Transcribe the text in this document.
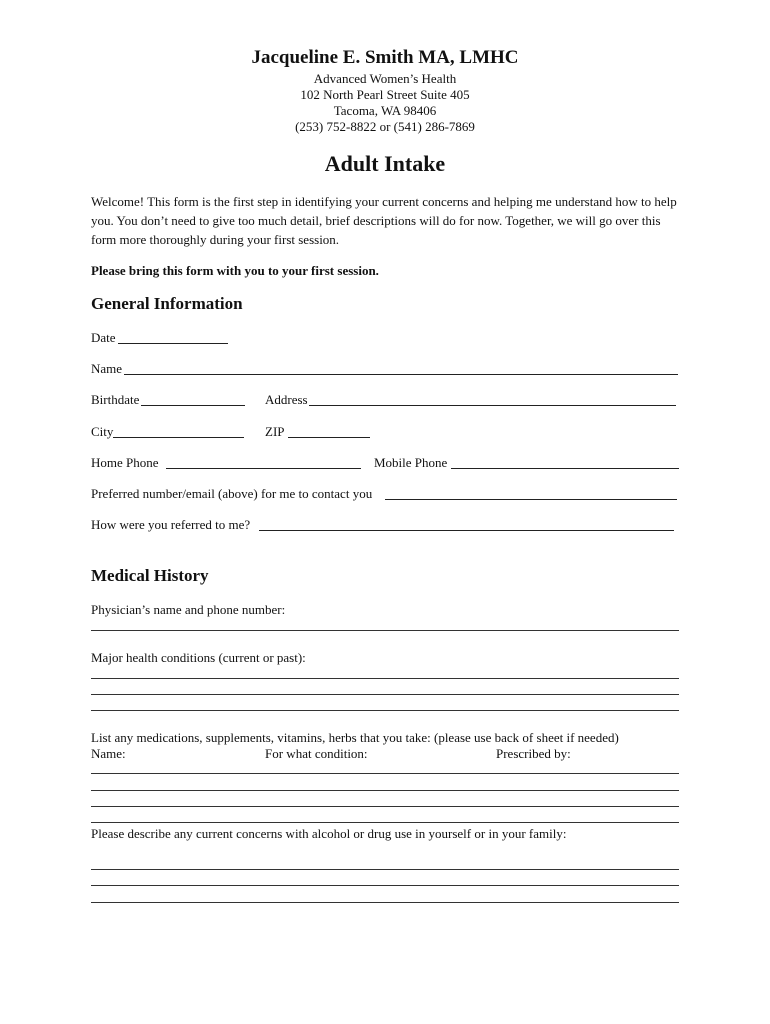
Jacqueline E. Smith MA, LMHC
Advanced Women’s Health
102 North Pearl Street Suite 405
Tacoma, WA 98406
(253) 752-8822 or (541) 286-7869
Adult Intake
Welcome! This form is the first step in identifying your current concerns and helping me understand how to help you. You don’t need to give too much detail, brief descriptions will do for now. Together, we will go over this form more thoroughly during your first session.
Please bring this form with you to your first session.
General Information
Date
Name
Birthdate	Address
City	ZIP
Home Phone	Mobile Phone
Preferred number/email (above) for me to contact you
How were you referred to me?
Medical History
Physician’s name and phone number:
Major health conditions (current or past):
List any medications, supplements, vitamins, herbs that you take: (please use back of sheet if needed)
Name:	For what condition:	Prescribed by:
Please describe any current concerns with alcohol or drug use in yourself or in your family:
